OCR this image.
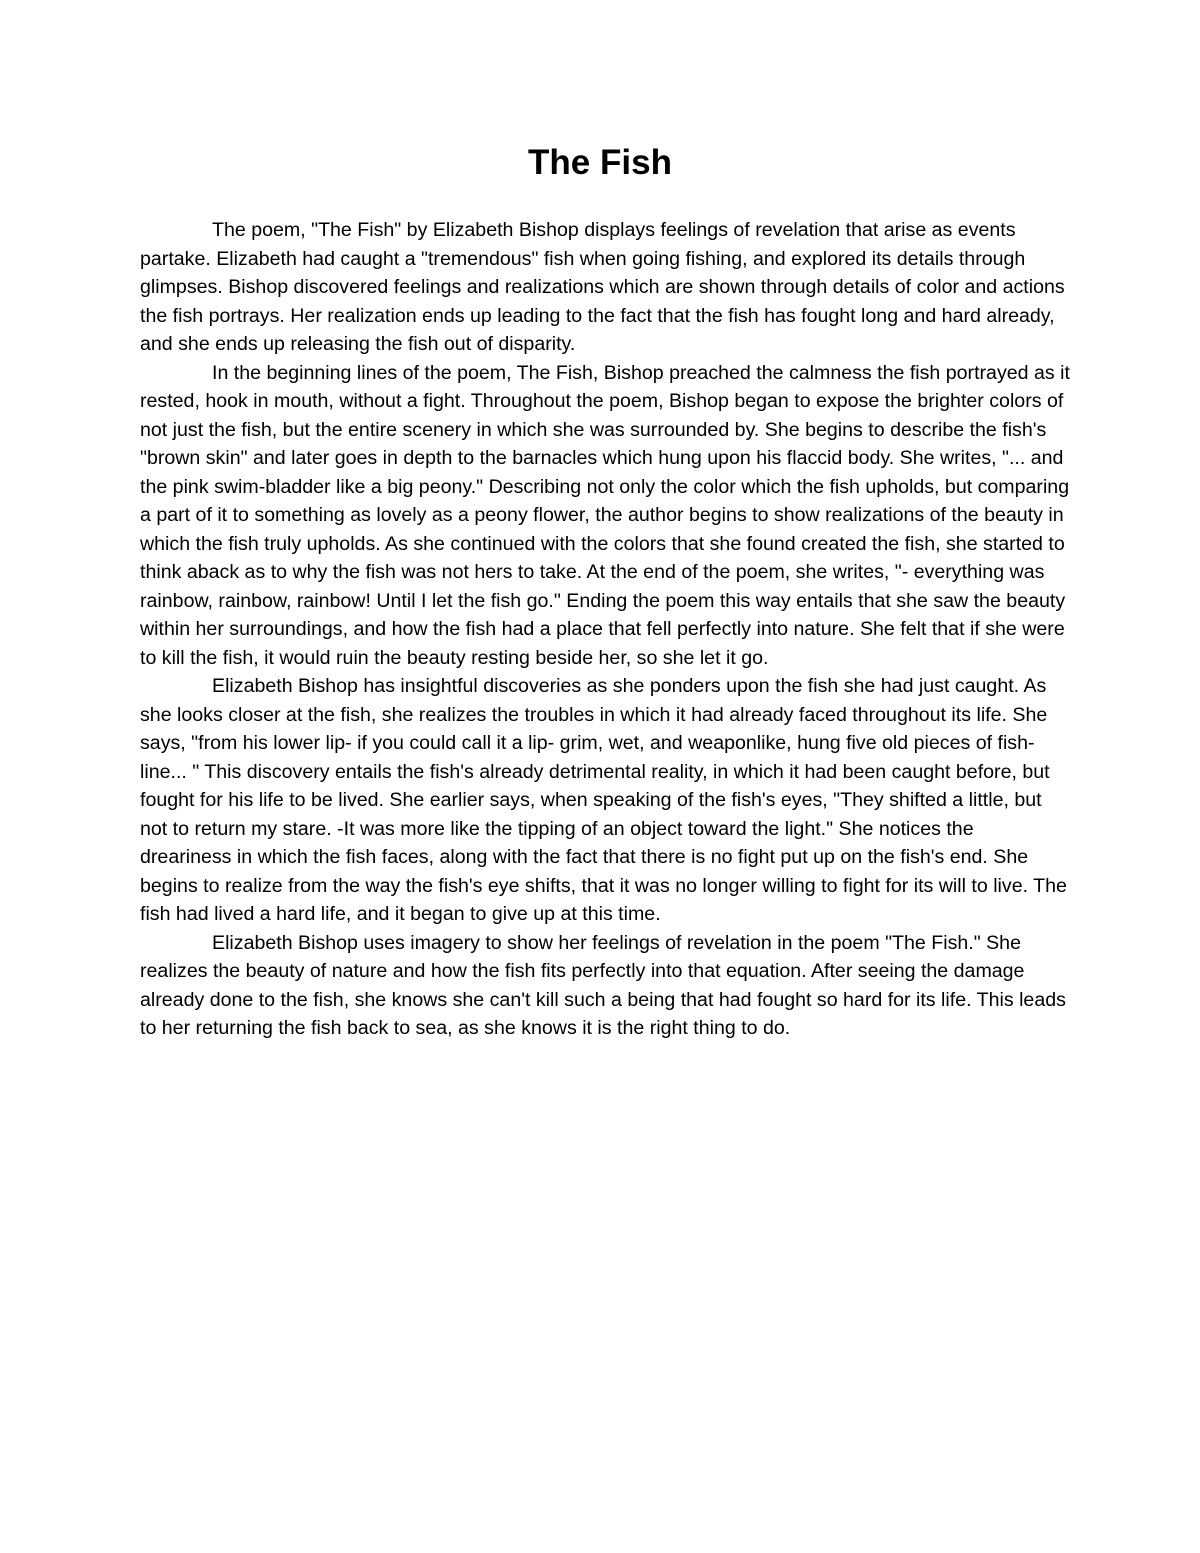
The Fish

The poem, "The Fish" by Elizabeth Bishop displays feelings of revelation that arise as events partake. Elizabeth had caught a "tremendous" fish when going fishing, and explored its details through glimpses. Bishop discovered feelings and realizations which are shown through details of color and actions the fish portrays. Her realization ends up leading to the fact that the fish has fought long and hard already, and she ends up releasing the fish out of disparity.

In the beginning lines of the poem, The Fish, Bishop preached the calmness the fish portrayed as it rested, hook in mouth, without a fight. Throughout the poem, Bishop began to expose the brighter colors of not just the fish, but the entire scenery in which she was surrounded by. She begins to describe the fish's "brown skin" and later goes in depth to the barnacles which hung upon his flaccid body. She writes, "... and the pink swim-bladder like a big peony." Describing not only the color which the fish upholds, but comparing a part of it to something as lovely as a peony flower, the author begins to show realizations of the beauty in which the fish truly upholds. As she continued with the colors that she found created the fish, she started to think aback as to why the fish was not hers to take. At the end of the poem, she writes, "- everything was rainbow, rainbow, rainbow! Until I let the fish go." Ending the poem this way entails that she saw the beauty within her surroundings, and how the fish had a place that fell perfectly into nature. She felt that if she were to kill the fish, it would ruin the beauty resting beside her, so she let it go.

Elizabeth Bishop has insightful discoveries as she ponders upon the fish she had just caught. As she looks closer at the fish, she realizes the troubles in which it had already faced throughout its life. She says, "from his lower lip- if you could call it a lip- grim, wet, and weaponlike, hung five old pieces of fish-line... " This discovery entails the fish's already detrimental reality, in which it had been caught before, but fought for his life to be lived. She earlier says, when speaking of the fish's eyes, "They shifted a little, but not to return my stare. -It was more like the tipping of an object toward the light." She notices the dreariness in which the fish faces, along with the fact that there is no fight put up on the fish's end. She begins to realize from the way the fish's eye shifts, that it was no longer willing to fight for its will to live. The fish had lived a hard life, and it began to give up at this time.

Elizabeth Bishop uses imagery to show her feelings of revelation in the poem "The Fish." She realizes the beauty of nature and how the fish fits perfectly into that equation. After seeing the damage already done to the fish, she knows she can't kill such a being that had fought so hard for its life. This leads to her returning the fish back to sea, as she knows it is the right thing to do.
